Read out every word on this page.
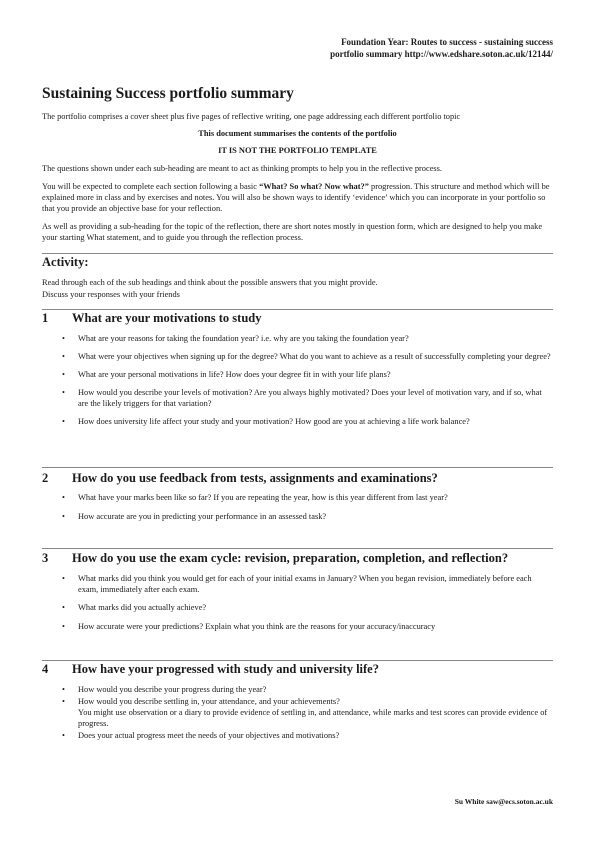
Foundation Year: Routes to success - sustaining success
portfolio summary http://www.edshare.soton.ac.uk/12144/
Sustaining Success portfolio summary

The portfolio comprises a cover sheet plus five pages of reflective writing, one page addressing each different portfolio topic

This document summarises the contents of the portfolio

IT IS NOT THE PORTFOLIO TEMPLATE

The questions shown under each sub-heading are meant to act as thinking prompts to help you in the reflective process.

You will be expected to complete each section following a basic “What? So what? Now what?” progression. This structure and method which will be explained more in class and by exercises and notes. You will also be shown ways to identify ‘evidence’ which you can incorporate in your portfolio so that you provide an objective base for your reflection.

As well as providing a sub-heading for the topic of the reflection, there are short notes mostly in question form, which are designed to help you make your starting What statement, and to guide you through the reflection process.

Activity:

Read through each of the sub headings and think about the possible answers that you might provide.

Discuss your responses with your friends

1 What are your motivations to study

• What are your reasons for taking the foundation year? i.e. why are you taking the foundation year?
• What were your objectives when signing up for the degree? What do you want to achieve as a result of successfully completing your degree?
• What are your personal motivations in life? How does your degree fit in with your life plans?
• How would you describe your levels of motivation? Are you always highly motivated? Does your level of motivation vary, and if so, what are the likely triggers for that variation?
• How does university life affect your study and your motivation? How good are you at achieving a life work balance?

2 How do you use feedback from tests, assignments and examinations?

• What have your marks been like so far? If you are repeating the year, how is this year different from last year?
• How accurate are you in predicting your performance in an assessed task?

3 How do you use the exam cycle: revision, preparation, completion, and reflection?

• What marks did you think you would get for each of your initial exams in January? When you began revision, immediately before each exam, immediately after each exam.
• What marks did you actually achieve?
• How accurate were your predictions? Explain what you think are the reasons for your accuracy/inaccuracy

4 How have your progressed with study and university life?

• How would you describe your progress during the year?
• How would you describe settling in, your attendance, and your achievements?
You might use observation or a diary to provide evidence of settling in, and attendance, while marks and test scores can provide evidence of progress.
• Does your actual progress meet the needs of your objectives and motivations?
Su White saw@ecs.soton.ac.uk
